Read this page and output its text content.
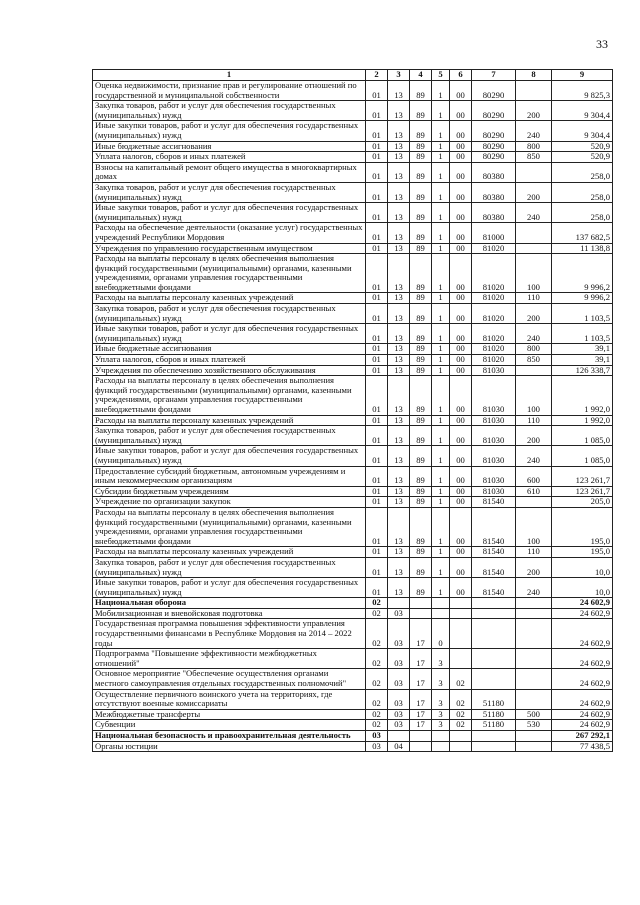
33
1	2	3	4	5	6	7	8	9
Оценка недвижимости, признание прав и регулирование отношений по государственной и муниципальной собственности	01	13	89	1	00	80290		9 825,3
Закупка товаров, работ и услуг для обеспечения государственных (муниципальных) нужд	01	13	89	1	00	80290	200	9 304,4
Иные закупки товаров, работ и услуг для обеспечения государственных (муниципальных) нужд	01	13	89	1	00	80290	240	9 304,4
Иные бюджетные ассигнования	01	13	89	1	00	80290	800	520,9
Уплата налогов, сборов и иных платежей	01	13	89	1	00	80290	850	520,9
Взносы на капитальный ремонт общего имущества в многоквартирных домах	01	13	89	1	00	80380		258,0
Закупка товаров, работ и услуг для обеспечения государственных (муниципальных) нужд	01	13	89	1	00	80380	200	258,0
Иные закупки товаров, работ и услуг для обеспечения государственных (муниципальных) нужд	01	13	89	1	00	80380	240	258,0
Расходы на обеспечение деятельности (оказание услуг) государственных учреждений Республики Мордовия	01	13	89	1	00	81000		137 682,5
Учреждения по управлению государственным имуществом	01	13	89	1	00	81020		11 138,8
Расходы на выплаты персоналу в целях обеспечения выполнения функций государственными (муниципальными) органами, казенными учреждениями, органами управления государственными внебюджетными фондами	01	13	89	1	00	81020	100	9 996,2
Расходы на выплаты персоналу казенных учреждений	01	13	89	1	00	81020	110	9 996,2
Закупка товаров, работ и услуг для обеспечения государственных (муниципальных) нужд	01	13	89	1	00	81020	200	1 103,5
Иные закупки товаров, работ и услуг для обеспечения государственных (муниципальных) нужд	01	13	89	1	00	81020	240	1 103,5
Иные бюджетные ассигнования	01	13	89	1	00	81020	800	39,1
Уплата налогов, сборов и иных платежей	01	13	89	1	00	81020	850	39,1
Учреждения по обеспечению хозяйственного обслуживания	01	13	89	1	00	81030		126 338,7
Расходы на выплаты персоналу в целях обеспечения выполнения функций государственными (муниципальными) органами, казенными учреждениями, органами управления государственными внебюджетными фондами	01	13	89	1	00	81030	100	1 992,0
Расходы на выплаты персоналу казенных учреждений	01	13	89	1	00	81030	110	1 992,0
Закупка товаров, работ и услуг для обеспечения государственных (муниципальных) нужд	01	13	89	1	00	81030	200	1 085,0
Иные закупки товаров, работ и услуг для обеспечения государственных (муниципальных) нужд	01	13	89	1	00	81030	240	1 085,0
Предоставление субсидий бюджетным, автономным учреждениям и иным некоммерческим организациям	01	13	89	1	00	81030	600	123 261,7
Субсидии бюджетным учреждениям	01	13	89	1	00	81030	610	123 261,7
Учреждение по организации закупок	01	13	89	1	00	81540		205,0
Расходы на выплаты персоналу в целях обеспечения выполнения функций государственными (муниципальными) органами, казенными учреждениями, органами управления государственными внебюджетными фондами	01	13	89	1	00	81540	100	195,0
Расходы на выплаты персоналу казенных учреждений	01	13	89	1	00	81540	110	195,0
Закупка товаров, работ и услуг для обеспечения государственных (муниципальных) нужд	01	13	89	1	00	81540	200	10,0
Иные закупки товаров, работ и услуг для обеспечения государственных (муниципальных) нужд	01	13	89	1	00	81540	240	10,0
Национальная оборона	02							24 602,9
Мобилизационная и вневойсковая подготовка	02	03						24 602,9
Государственная программа повышения эффективности управления государственными финансами в Республике Мордовия на 2014 – 2022 годы	02	03	17	0				24 602,9
Подпрограмма "Повышение эффективности межбюджетных отношений"	02	03	17	3				24 602,9
Основное мероприятие "Обеспечение осуществления органами местного самоуправления отдельных государственных полномочий"	02	03	17	3	02			24 602,9
Осуществление первичного воинского учета на территориях, где отсутствуют военные комиссариаты	02	03	17	3	02	51180		24 602,9
Межбюджетные трансферты	02	03	17	3	02	51180	500	24 602,9
Субвенции	02	03	17	3	02	51180	530	24 602,9
Национальная безопасность и правоохранительная деятельность	03							267 292,1
Органы юстиции	03	04						77 438,5
